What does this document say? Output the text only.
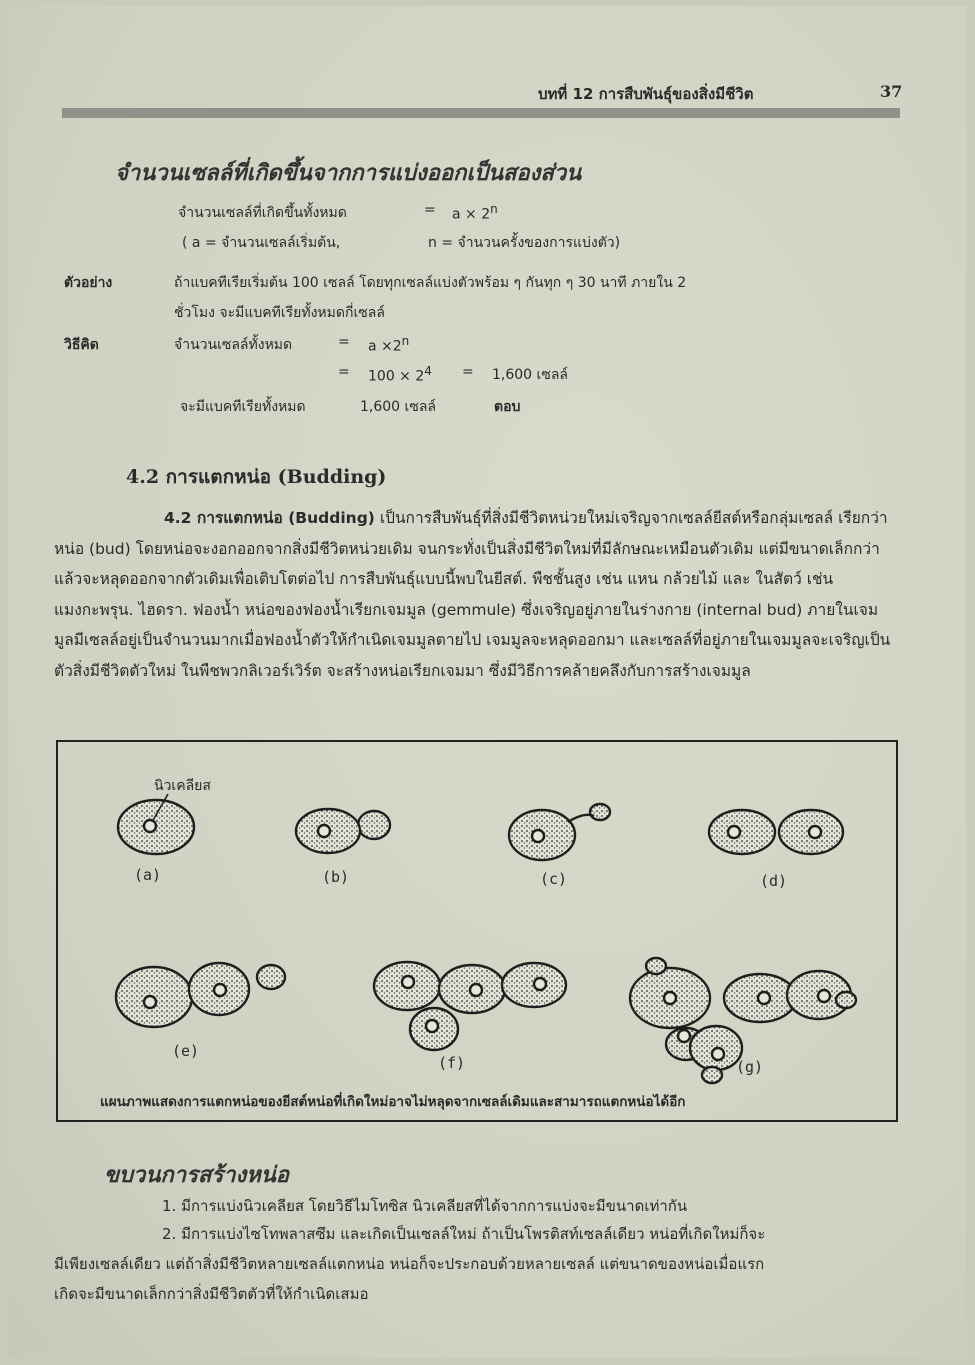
บทที่ 12 การสืบพันธุ์ของสิ่งมีชีวิต	37
จำนวนเซลล์ที่เกิดขึ้นจากการแบ่งออกเป็นสองส่วน
จำนวนเซลล์ที่เกิดขึ้นทั้งหมด	= $a \times 2^n$
( a = จำนวนเซลล์เริ่มต้น,	n = จำนวนครั้งของการแบ่งตัว)
ตัวอย่าง	ถ้าแบคทีเรียเริ่มต้น 100 เซลล์ โดยทุกเซลล์แบ่งตัวพร้อม ๆ กันทุก ๆ 30 นาที ภายใน 2
ชั่วโมง จะมีแบคทีเรียทั้งหมดกี่เซลล์
วิธีคิด	จำนวนเซลล์ทั้งหมด	= $a \times 2^n$
= $100 \times 2^4 = 1,600$ เซลล์
จะมีแบคทีเรียทั้งหมด	1,600 เซลล์	ตอบ
4.2 การแตกหน่อ (Budding)
4.2 การแตกหน่อ (Budding) เป็นการสืบพันธุ์ที่สิ่งมีชีวิตหน่วยใหม่เจริญจากเซลล์ยีสต์หรือกลุ่มเซลล์ เรียกว่าหน่อ (bud) โดยหน่อจะงอกออกจากสิ่งมีชีวิตหน่วยเดิม จนกระทั่งเป็นสิ่งมีชีวิตใหม่ที่มีลักษณะเหมือนตัวเดิม แต่มีขนาดเล็กกว่า แล้วจะหลุดออกจากตัวเดิมเพื่อเติบโตต่อไป การสืบพันธุ์แบบนี้พบในยีสต์. พืชชั้นสูง เช่น แหน กล้วยไม้ และ ในสัตว์ เช่น แมงกะพรุน. ไฮดรา. ฟองน้ำ หน่อของฟองน้ำเรียกเจมมูล (gemmule) ซึ่งเจริญอยู่ภายในร่างกาย (internal bud) ภายในเจมมูลมีเซลล์อยู่เป็นจำนวนมากเมื่อฟองน้ำตัวให้กำเนิดเจมมูลตายไป เจมมูลจะหลุดออกมา และเซลล์ที่อยู่ภายในเจมมูลจะเจริญเป็นตัวสิ่งมีชีวิตตัวใหม่ ในพืชพวกลิเวอร์เวิร์ต จะสร้างหน่อเรียกเจมมา ซึ่งมีวิธีการคล้ายคลึงกับการสร้างเจมมูล
นิวเคลียส
(a)	(b)	(c)	(d)
(e)
(f)	(g)
แผนภาพแสดงการแตกหน่อของยีสต์หน่อที่เกิดใหม่อาจไม่หลุดจากเซลล์เดิมและสามารถแตกหน่อได้อีก
ขบวนการสร้างหน่อ
1. มีการแบ่งนิวเคลียส โดยวิธีไมโทซิส นิวเคลียสที่ได้จากการแบ่งจะมีขนาดเท่ากัน
2. มีการแบ่งไซโทพลาสซึม และเกิดเป็นเซลล์ใหม่ ถ้าเป็นโพรติสท์เซลล์เดียว หน่อที่เกิดใหม่ก็จะ
มีเพียงเซลล์เดียว แต่ถ้าสิ่งมีชีวิตหลายเซลล์แตกหน่อ หน่อก็จะประกอบด้วยหลายเซลล์ แต่ขนาดของหน่อเมื่อแรก
เกิดจะมีขนาดเล็กกว่าสิ่งมีชีวิตตัวที่ให้กำเนิดเสมอ
